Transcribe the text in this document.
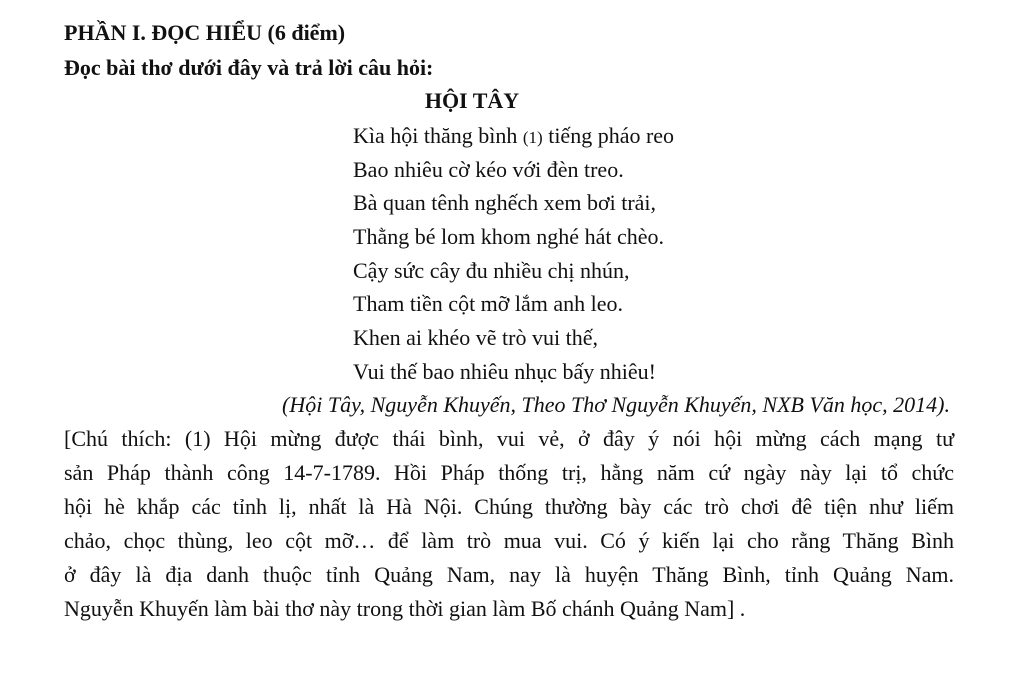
PHẦN I. ĐỌC HIỂU (6 điểm)
Đọc bài thơ dưới đây và trả lời câu hỏi:
HỘI TÂY
Kìa hội thăng bình (1) tiếng pháo reo
Bao nhiêu cờ kéo với đèn treo.
Bà quan tênh nghếch xem bơi trải,
Thằng bé lom khom nghé hát chèo.
Cậy sức cây đu nhiều chị nhún,
Tham tiền cột mỡ lắm anh leo.
Khen ai khéo vẽ trò vui thế,
Vui thế bao nhiêu nhục bấy nhiêu!
(Hội Tây, Nguyễn Khuyến, Theo Thơ Nguyễn Khuyến, NXB Văn học, 2014).
[Chú thích: (1) Hội mừng được thái bình, vui vẻ, ở đây ý nói hội mừng cách mạng tư
sản Pháp thành công 14-7-1789. Hồi Pháp thống trị, hằng năm cứ ngày này lại tổ chức
hội hè khắp các tỉnh lị, nhất là Hà Nội. Chúng thường bày các trò chơi đê tiện như liếm
chảo, chọc thùng, leo cột mỡ… để làm trò mua vui. Có ý kiến lại cho rằng Thăng Bình
ở đây là địa danh thuộc tỉnh Quảng Nam, nay là huyện Thăng Bình, tỉnh Quảng Nam.
Nguyễn Khuyến làm bài thơ này trong thời gian làm Bố chánh Quảng Nam] .
